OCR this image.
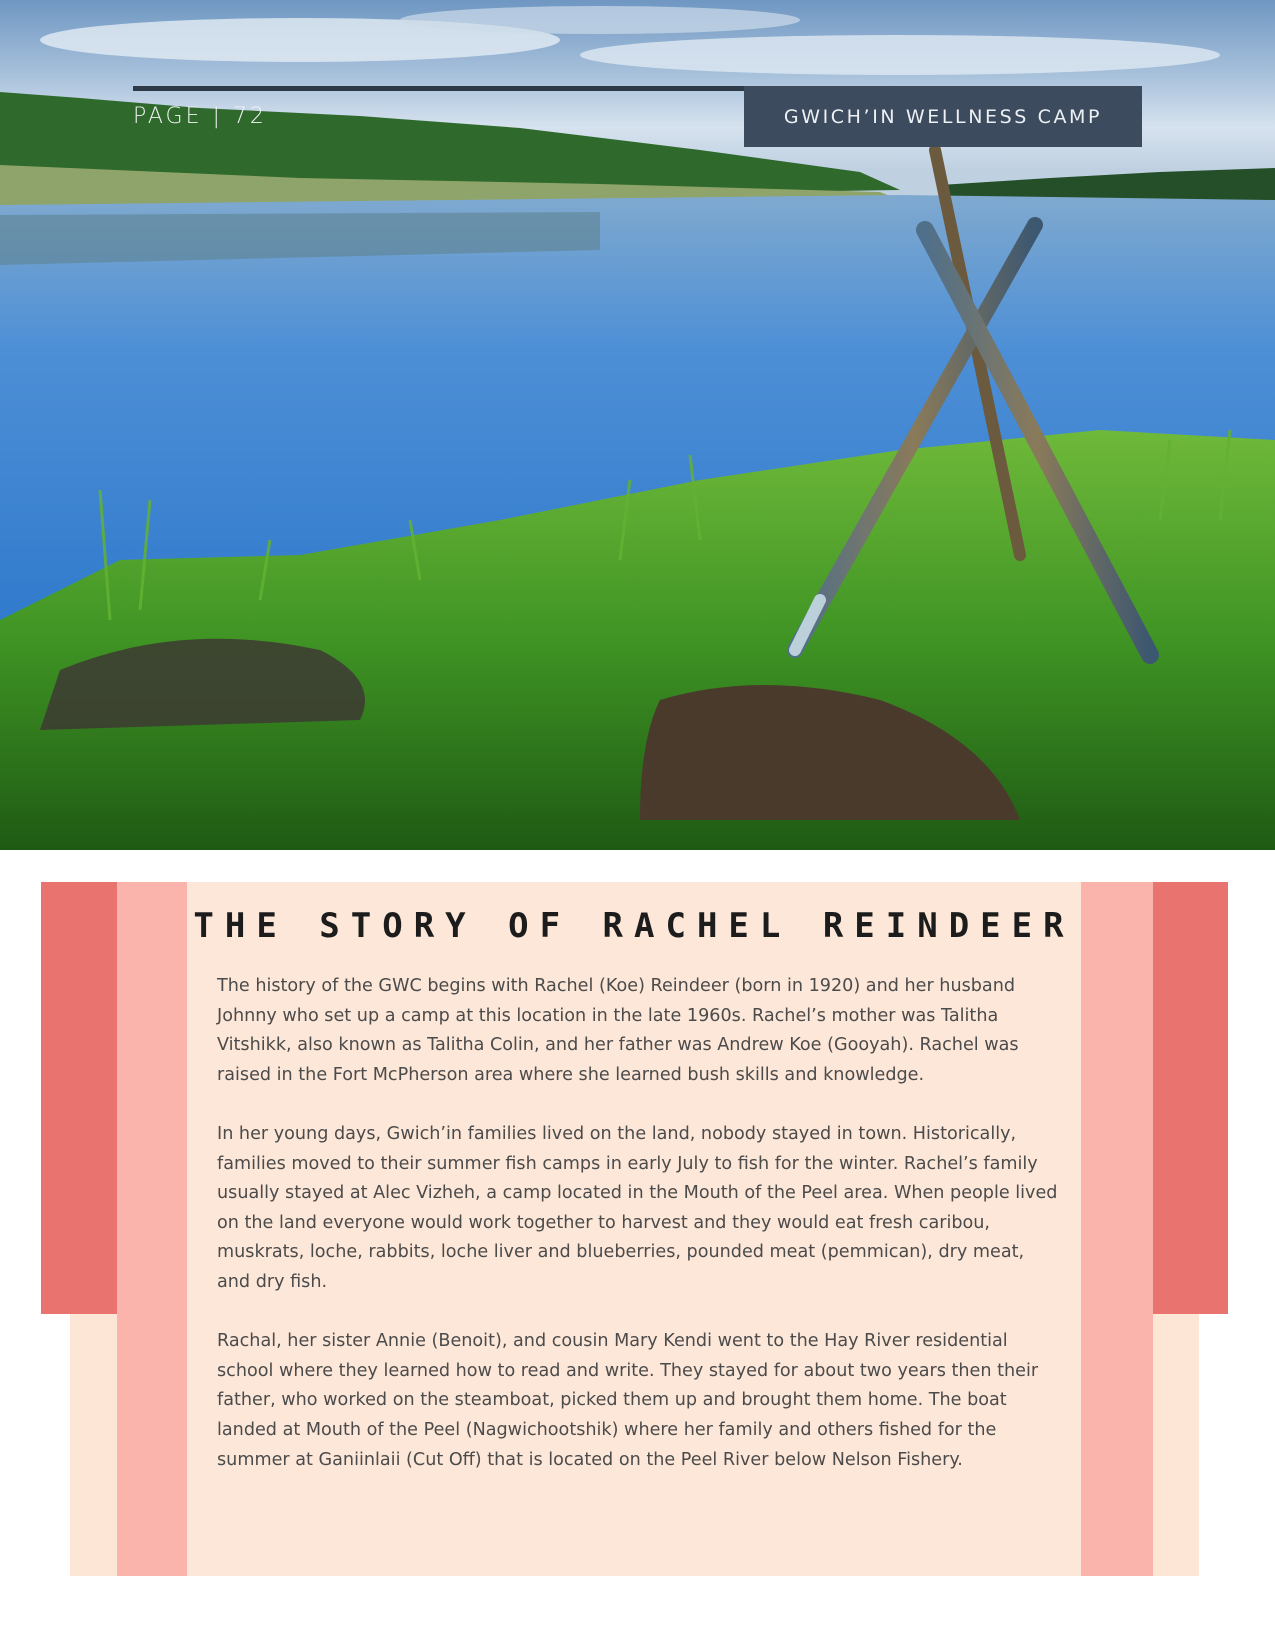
PAGE | 72	GWICH’IN WELLNESS CAMP
THE STORY OF RACHEL REINDEER

The history of the GWC begins with Rachel (Koe) Reindeer (born in 1920) and her husband Johnny who set up a camp at this location in the late 1960s. Rachel’s mother was Talitha Vitshikk, also known as Talitha Colin, and her father was Andrew Koe (Gooyah). Rachel was raised in the Fort McPherson area where she learned bush skills and knowledge.

In her young days, Gwich’in families lived on the land, nobody stayed in town. Historically, families moved to their summer fish camps in early July to fish for the winter. Rachel’s family usually stayed at Alec Vizheh, a camp located in the Mouth of the Peel area. When people lived on the land everyone would work together to harvest and they would eat fresh caribou, muskrats, loche, rabbits, loche liver and blueberries, pounded meat (pemmican), dry meat, and dry fish.

Rachal, her sister Annie (Benoit), and cousin Mary Kendi went to the Hay River residential school where they learned how to read and write. They stayed for about two years then their father, who worked on the steamboat, picked them up and brought them home. The boat landed at Mouth of the Peel (Nagwichootshik) where her family and others fished for the summer at Ganiinlaii (Cut Off) that is located on the Peel River below Nelson Fishery.
